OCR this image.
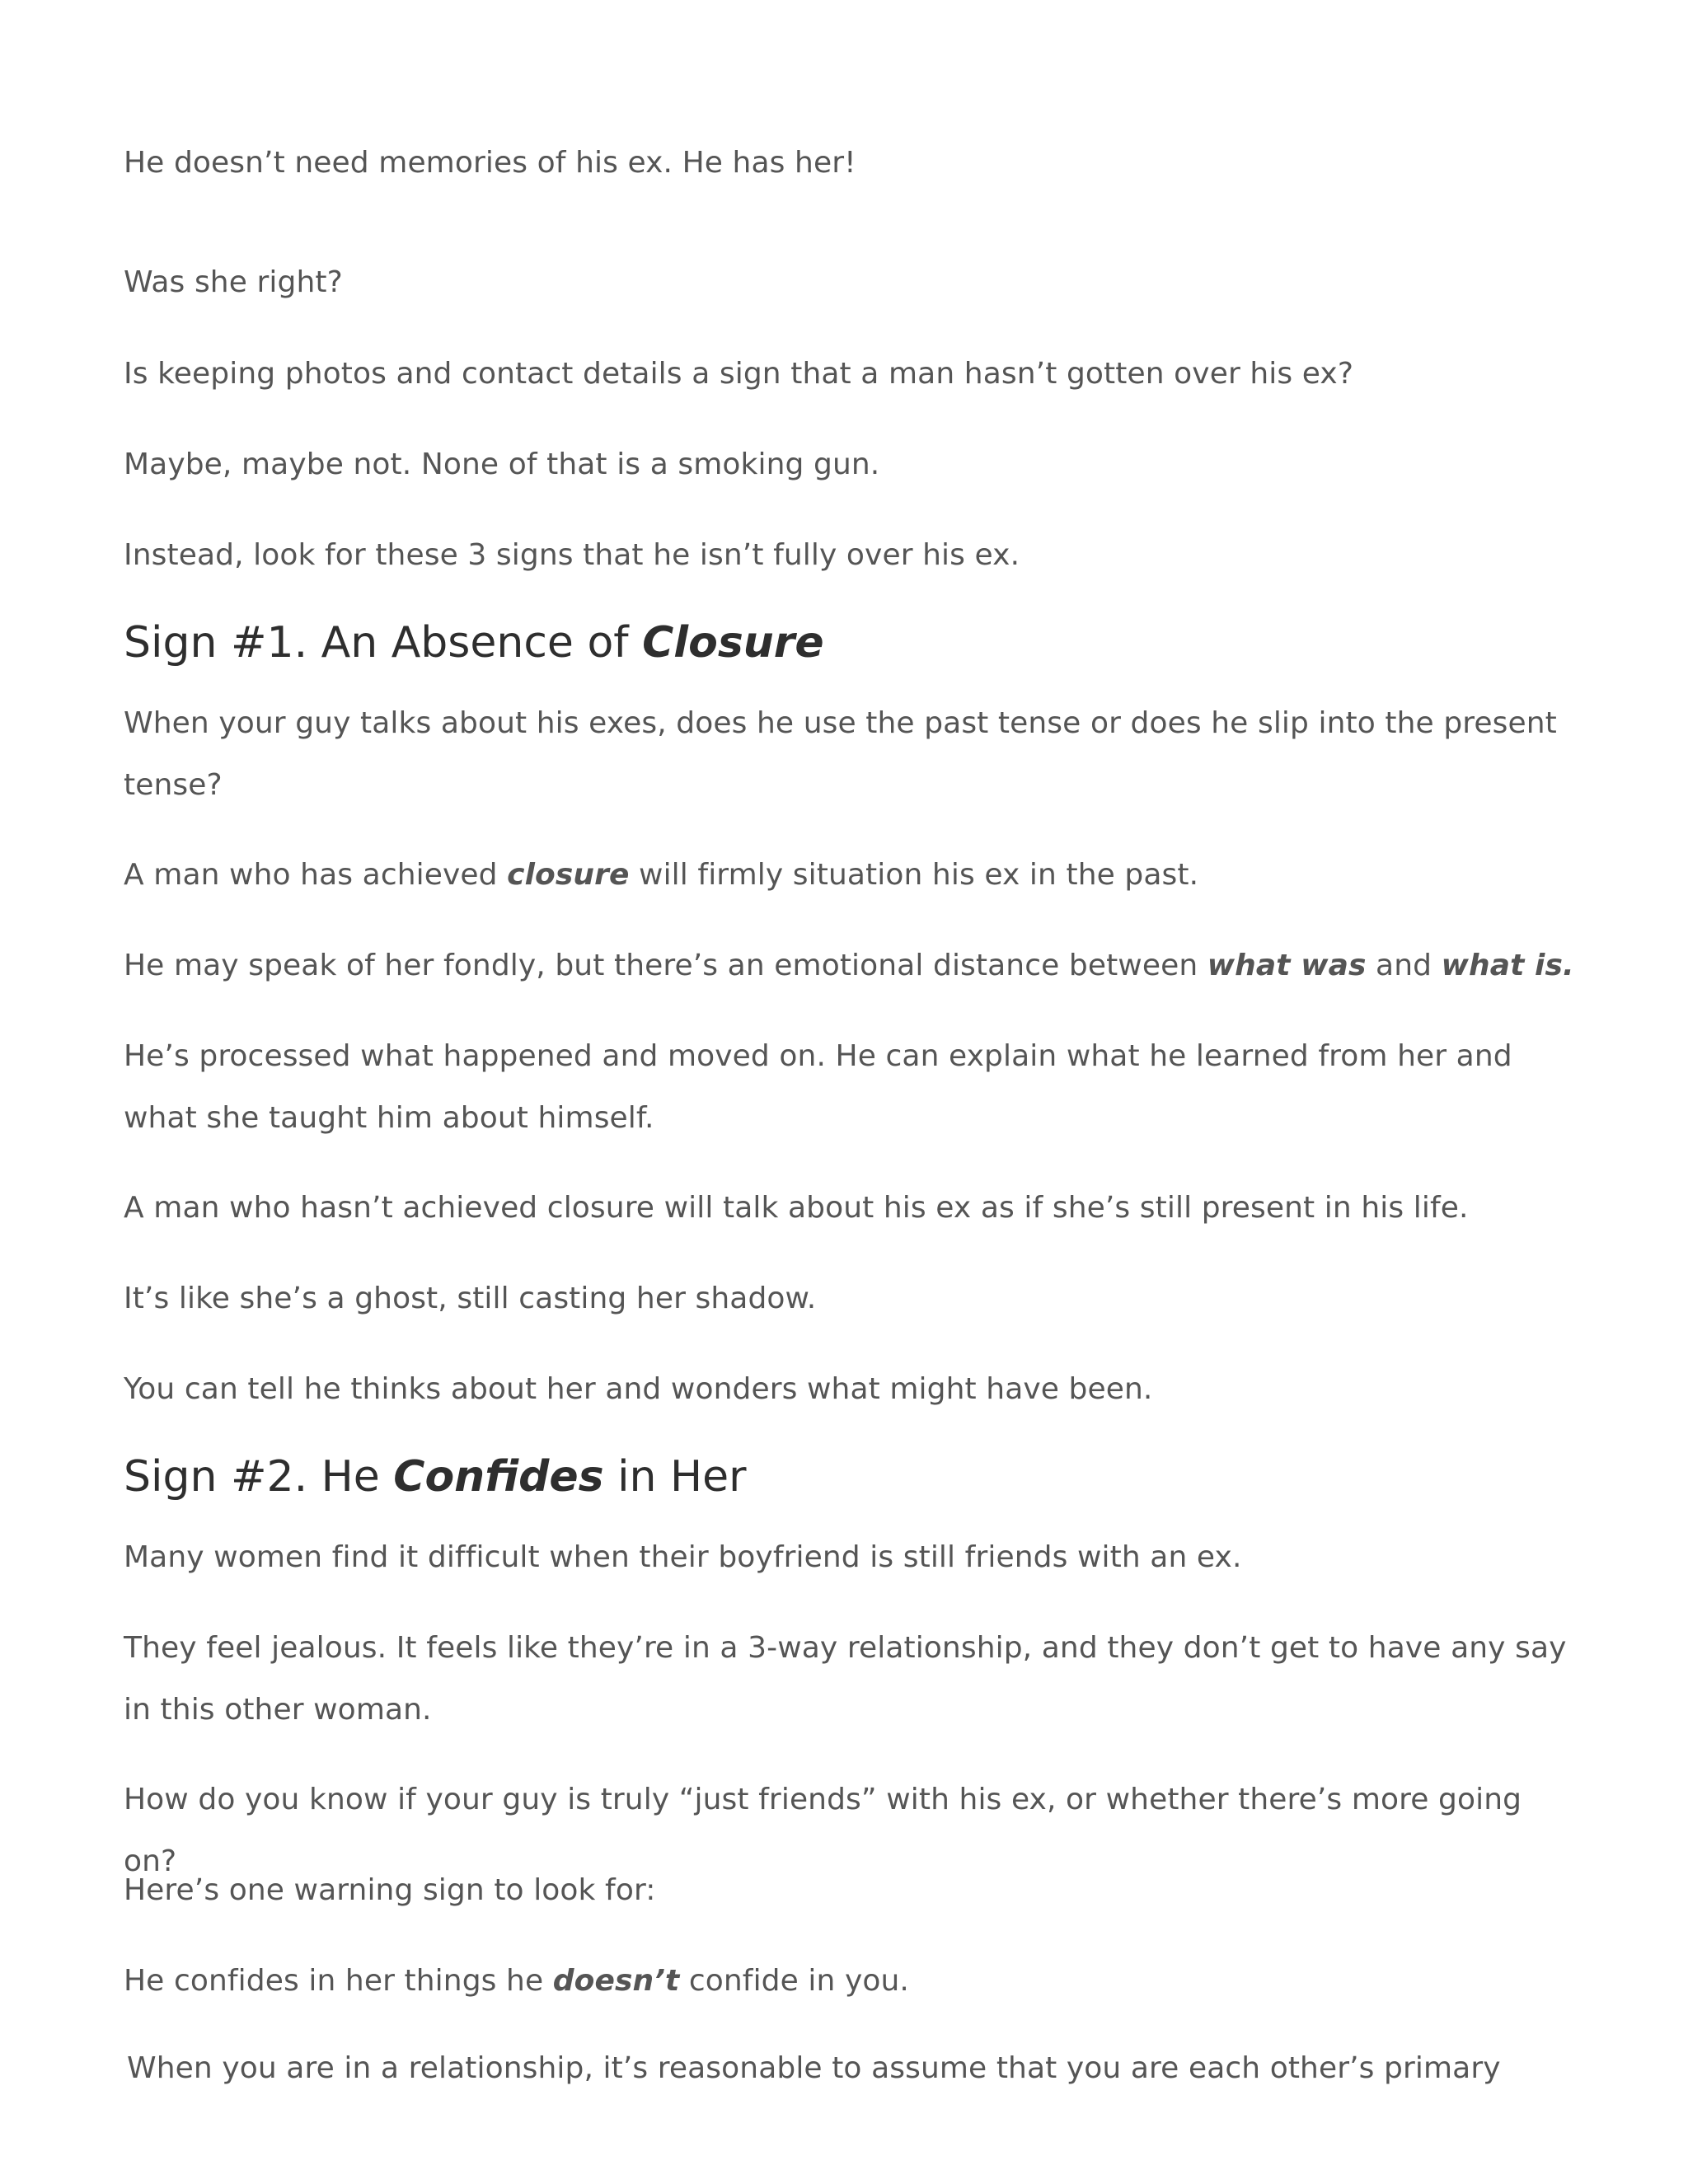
He doesn’t need memories of his ex. He has her!

Was she right?

Is keeping photos and contact details a sign that a man hasn’t gotten over his ex?

Maybe, maybe not. None of that is a smoking gun.

Instead, look for these 3 signs that he isn’t fully over his ex.

Sign #1. An Absence of Closure

When your guy talks about his exes, does he use the past tense or does he slip into the present tense?

A man who has achieved closure will firmly situation his ex in the past.

He may speak of her fondly, but there’s an emotional distance between what was and what is.

He’s processed what happened and moved on. He can explain what he learned from her and what she taught him about himself.

A man who hasn’t achieved closure will talk about his ex as if she’s still present in his life.

It’s like she’s a ghost, still casting her shadow.

You can tell he thinks about her and wonders what might have been.

Sign #2. He Confides in Her

Many women find it difficult when their boyfriend is still friends with an ex.

They feel jealous. It feels like they’re in a 3-way relationship, and they don’t get to have any say in this other woman.

How do you know if your guy is truly “just friends” with his ex, or whether there’s more going on?

Here’s one warning sign to look for:

He confides in her things he doesn’t confide in you.

When you are in a relationship, it’s reasonable to assume that you are each other’s primary
